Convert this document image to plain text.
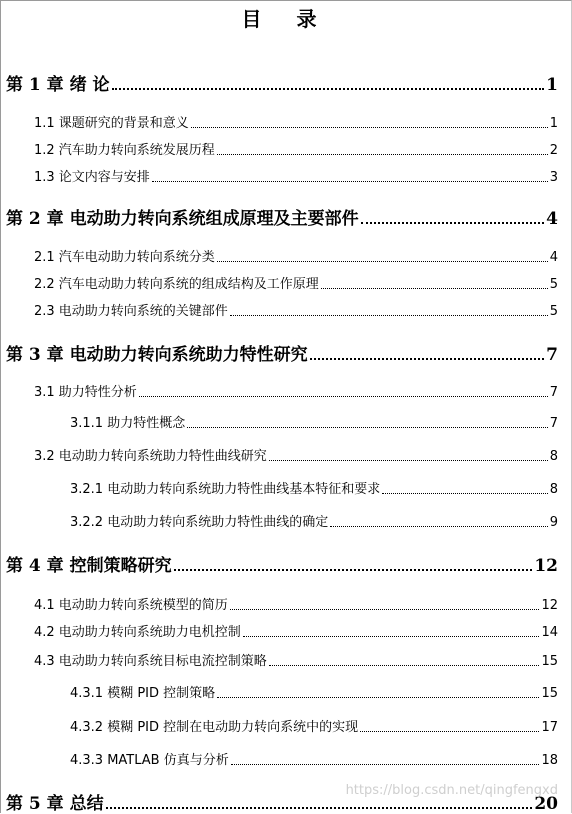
目 录
第 1 章 绪 论	1
1.1 课题研究的背景和意义	1
1.2 汽车助力转向系统发展历程	2
1.3 论文内容与安排	3
第 2 章 电动助力转向系统组成原理及主要部件	4
2.1 汽车电动助力转向系统分类	4
2.2 汽车电动助力转向系统的组成结构及工作原理	5
2.3 电动助力转向系统的关键部件	5
第 3 章 电动助力转向系统助力特性研究	7
3.1 助力特性分析	7
3.1.1 助力特性概念	7
3.2 电动助力转向系统助力特性曲线研究	8
3.2.1 电动助力转向系统助力特性曲线基本特征和要求	8
3.2.2 电动助力转向系统助力特性曲线的确定	9
第 4 章 控制策略研究	12
4.1 电动助力转向系统模型的简历	12
4.2 电动助力转向系统助力电机控制	14
4.3 电动助力转向系统目标电流控制策略	15
4.3.1 模糊 PID 控制策略	15
4.3.2 模糊 PID 控制在电动助力转向系统中的实现	17
4.3.3 MATLAB 仿真与分析	18
第 5 章 总结	20
https://blog.csdn.net/qingfengxd
